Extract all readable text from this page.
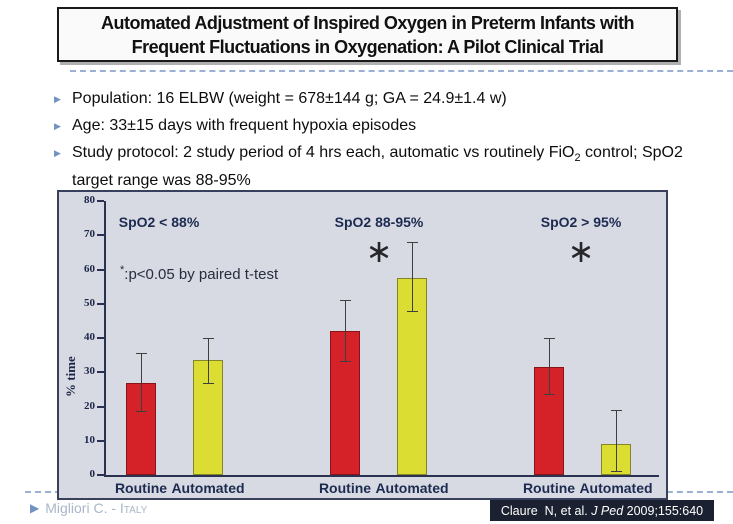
Automated Adjustment of Inspired Oxygen in Preterm Infants with
Frequent Fluctuations in Oxygenation: A Pilot Clinical Trial
▶ Population: 16 ELBW (weight = 678±144 g; GA = 24.9±1.4 w)
▶ Age: 33±15 days with frequent hypoxia episodes
▶ Study protocol: 2 study period of 4 hrs each, automatic vs routinely FiO$_2$ control; SpO2 target range was 88-95%
% time
*:p<0.05 by paired t-test
0
10
20
30
40
50
60
70
80
SpO2 < 88%
Routine Automated
SpO2 88-95%
∗
Routine Automated
SpO2 > 95%
∗
Routine Automated
▶ Migliori C. - Italy	Claure  N, et al. J Ped 2009;155:640
